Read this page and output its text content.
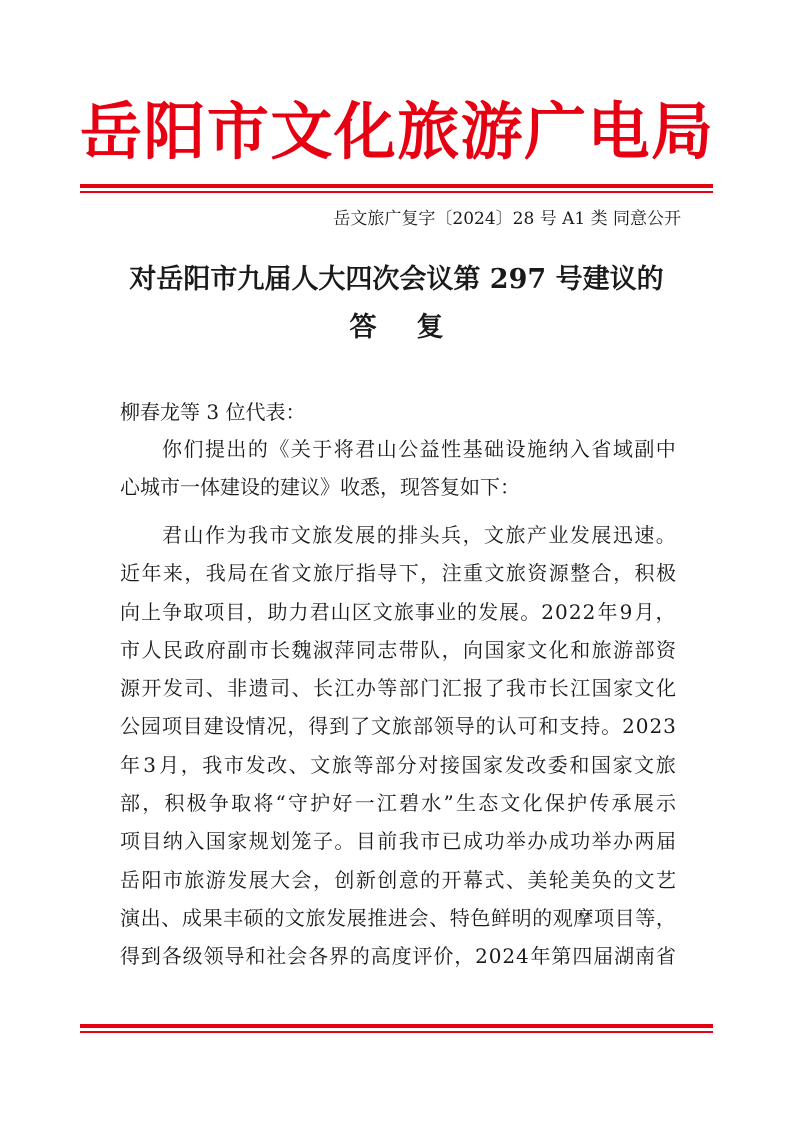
岳 阳 市 文 化 旅 游 广 电 局
岳文旅广复字〔2024〕28 号 A1 类 同意公开
对岳阳市九届人大四次会议第 297 号建议的
答复
柳春龙等 3 位代表：
你 们 提 出 的 《 关 于 将 君 山 公 益 性 基 础 设 施 纳 入 省 域 副 中
心城市一体建设的建议》收悉，现答复如下：
君 山 作 为 我 市 文 旅 发 展 的 排 头 兵 ， 文 旅 产 业 发 展 迅 速 。
近 年 来 ， 我 局 在 省 文 旅 厅 指 导 下 ， 注 重 文 旅 资 源 整 合 ， 积 极
向 上 争 取 项 目 ， 助 力 君 山 区 文 旅 事 业 的 发 展 。 2 0 2 2 年 9 月 ，
市 人 民 政 府 副 市 长 魏 淑 萍 同 志 带 队 ， 向 国 家 文 化 和 旅 游 部 资
源 开 发 司 、 非 遗 司 、 长 江 办 等 部 门 汇 报 了 我 市 长 江 国 家 文 化
公 园 项 目 建 设 情 况 ， 得 到 了 文 旅 部 领 导 的 认 可 和 支 持 。 2 0 2 3
年 3 月 ， 我 市 发 改 、 文 旅 等 部 分 对 接 国 家 发 改 委 和 国 家 文 旅
部 ， 积 极 争 取 将 “ 守 护 好 一 江 碧 水 ” 生 态 文 化 保 护 传 承 展 示
项 目 纳 入 国 家 规 划 笼 子 。 目 前 我 市 已 成 功 举 办 成 功 举 办 两 届
岳 阳 市 旅 游 发 展 大 会 ， 创 新 创 意 的 开 幕 式 、 美 轮 美 奂 的 文 艺
演 出 、 成 果 丰 硕 的 文 旅 发 展 推 进 会 、 特 色 鲜 明 的 观 摩 项 目 等 ，
得 到 各 级 领 导 和 社 会 各 界 的 高 度 评 价 ， 2 0 2 4 年 第 四 届 湖 南 省
